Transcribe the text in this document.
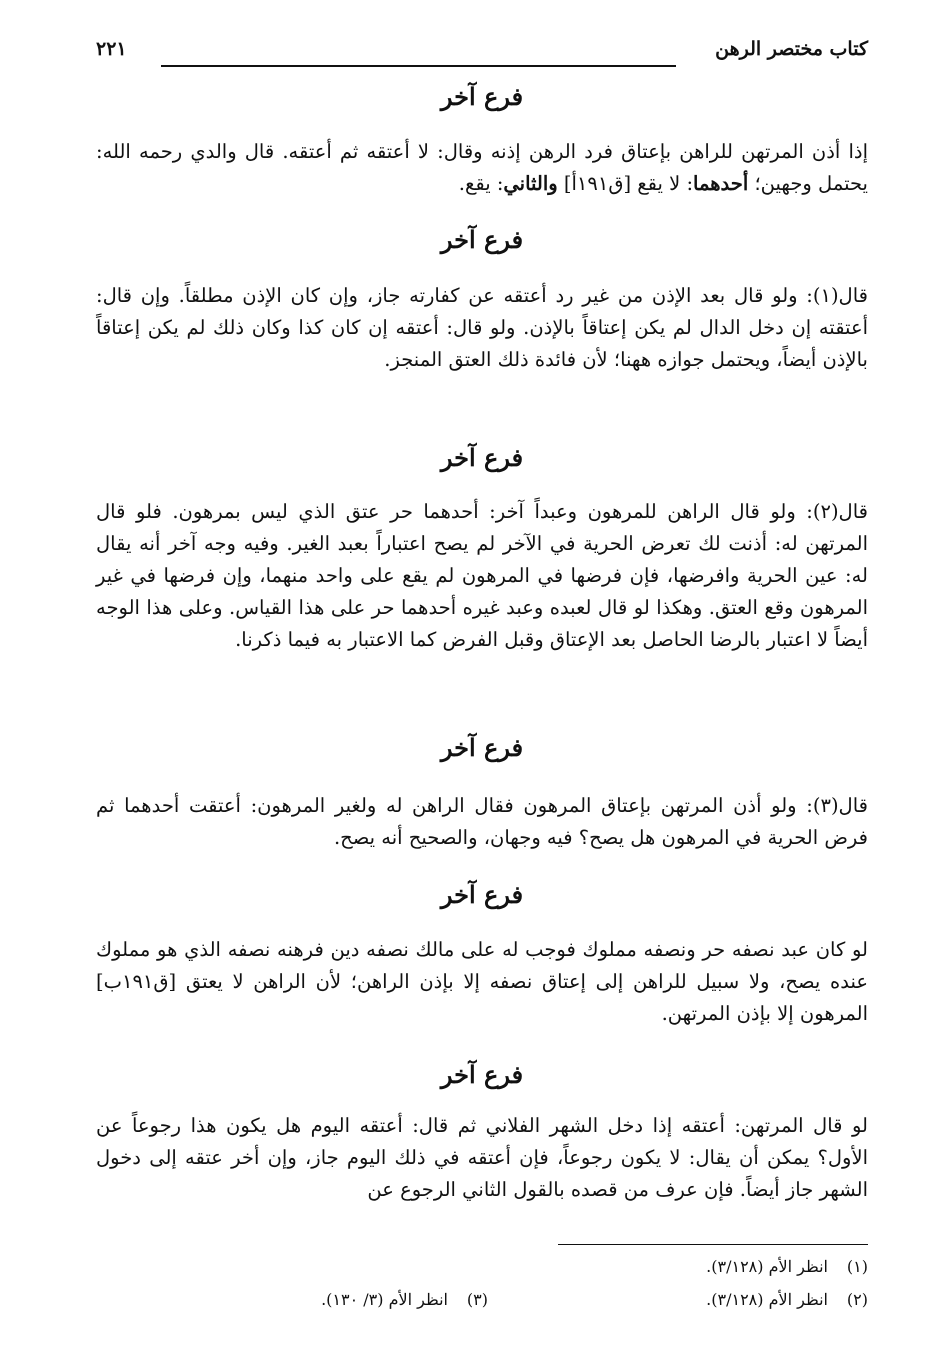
كتاب مختصر الرهن
٢٢١
فرع آخر
إذا أذن المرتهن للراهن بإعتاق فرد الرهن إذنه وقال: لا أعتقه ثم أعتقه. قال والدي رحمه الله: يحتمل وجهين؛ أحدهما: لا يقع [ق١٩١أ] والثاني: يقع.
فرع آخر
قال(١): ولو قال بعد الإذن من غير رد أعتقه عن كفارته جاز، وإن كان الإذن مطلقاً. وإن قال: أعتقته إن دخل الدال لم يكن إعتاقاً بالإذن. ولو قال: أعتقه إن كان كذا وكان ذلك لم يكن إعتاقاً بالإذن أيضاً، ويحتمل جوازه ههنا؛ لأن فائدة ذلك العتق المنجز.
فرع آخر
قال(٢): ولو قال الراهن للمرهون وعبداً آخر: أحدهما حر عتق الذي ليس بمرهون. فلو قال المرتهن له: أذنت لك تعرض الحرية في الآخر لم يصح اعتباراً بعبد الغير. وفيه وجه آخر أنه يقال له: عين الحرية وافرضها، فإن فرضها في المرهون لم يقع على واحد منهما، وإن فرضها في غير المرهون وقع العتق. وهكذا لو قال لعبده وعبد غيره أحدهما حر على هذا القياس. وعلى هذا الوجه أيضاً لا اعتبار بالرضا الحاصل بعد الإعتاق وقبل الفرض كما الاعتبار به فيما ذكرنا.
فرع آخر
قال(٣): ولو أذن المرتهن بإعتاق المرهون فقال الراهن له ولغير المرهون: أعتقت أحدهما ثم فرض الحرية في المرهون هل يصح؟ فيه وجهان، والصحيح أنه يصح.
فرع آخر
لو كان عبد نصفه حر ونصفه مملوك فوجب له على مالك نصفه دين فرهنه نصفه الذي هو مملوك عنده يصح، ولا سبيل للراهن إلى إعتاق نصفه إلا بإذن الراهن؛ لأن الراهن لا يعتق [ق١٩١ب] المرهون إلا بإذن المرتهن.
فرع آخر
لو قال المرتهن: أعتقه إذا دخل الشهر الفلاني ثم قال: أعتقه اليوم هل يكون هذا رجوعاً عن الأول؟ يمكن أن يقال: لا يكون رجوعاً، فإن أعتقه في ذلك اليوم جاز، وإن أخر عتقه إلى دخول الشهر جاز أيضاً. فإن عرف من قصده بالقول الثاني الرجوع عن
(١)انظر الأم (٣/١٢٨).
(٢)انظر الأم (٣/١٢٨).
(٣)انظر الأم (٣/ ١٣٠).
